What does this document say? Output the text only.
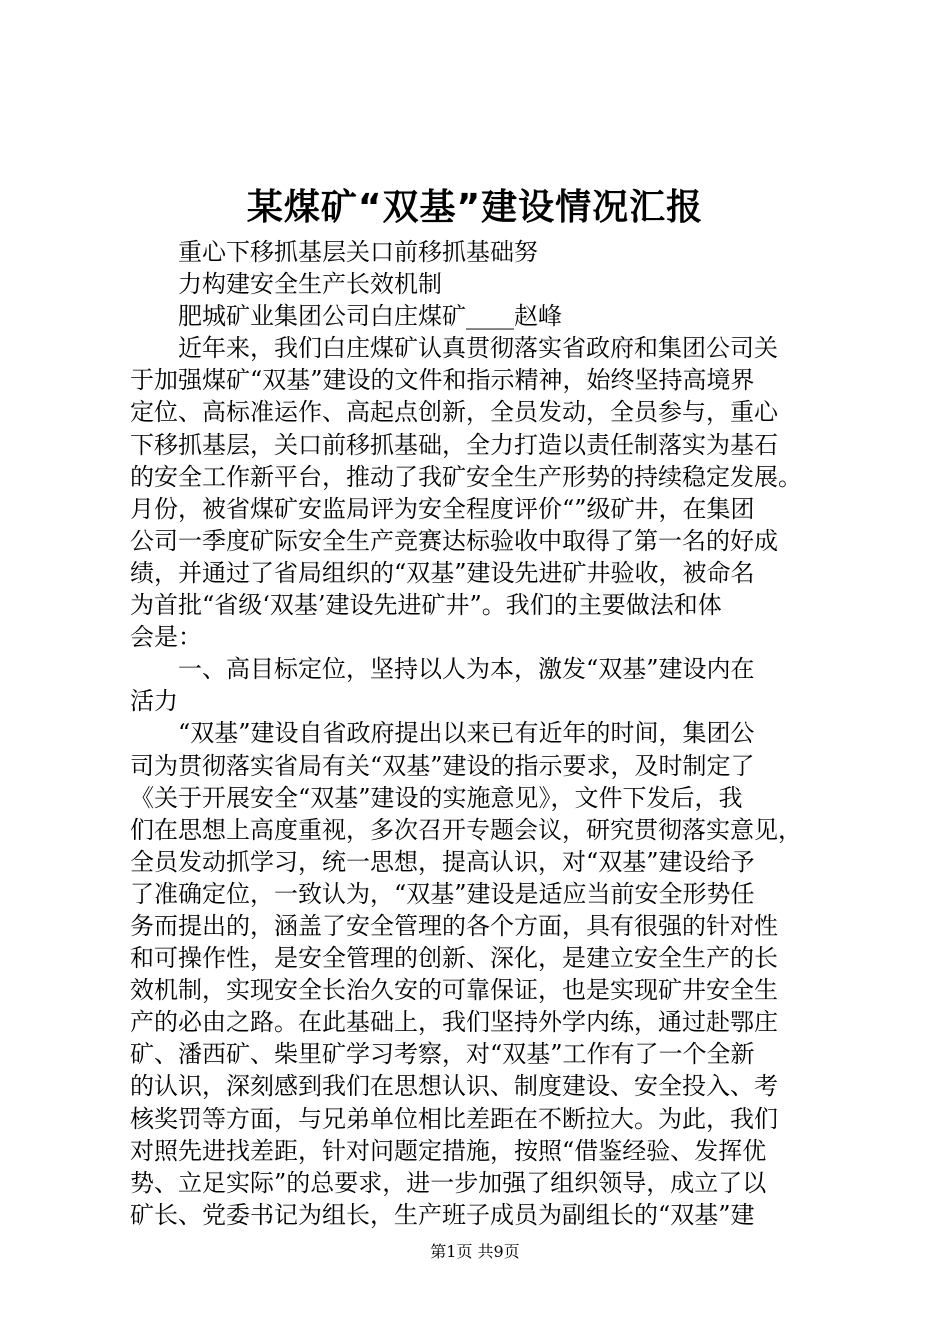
某煤矿“双基”建设情况汇报
　　重心下移抓基层关口前移抓基础努
　　力构建安全生产长效机制
　　肥城矿业集团公司白庄煤矿____赵峰
　　近年来，我们白庄煤矿认真贯彻落实省政府和集团公司关
于加强煤矿“双基”建设的文件和指示精神，始终坚持高境界
定位、高标准运作、高起点创新，全员发动，全员参与，重心
下移抓基层，关口前移抓基础，全力打造以责任制落实为基石
的安全工作新平台，推动了我矿安全生产形势的持续稳定发展。
月份，被省煤矿安监局评为安全程度评价“”级矿井，在集团
公司一季度矿际安全生产竞赛达标验收中取得了第一名的好成
绩，并通过了省局组织的“双基”建设先进矿井验收，被命名
为首批“省级‘双基’建设先进矿井”。我们的主要做法和体
会是：
　　一、高目标定位，坚持以人为本，激发“双基”建设内在
活力
　　“双基”建设自省政府提出以来已有近年的时间，集团公
司为贯彻落实省局有关“双基”建设的指示要求，及时制定了
《关于开展安全“双基”建设的实施意见》，文件下发后，我
们在思想上高度重视，多次召开专题会议，研究贯彻落实意见，
全员发动抓学习，统一思想，提高认识，对“双基”建设给予
了准确定位，一致认为，“双基”建设是适应当前安全形势任
务而提出的，涵盖了安全管理的各个方面，具有很强的针对性
和可操作性，是安全管理的创新、深化，是建立安全生产的长
效机制，实现安全长治久安的可靠保证，也是实现矿井安全生
产的必由之路。在此基础上，我们坚持外学内练，通过赴鄂庄
矿、潘西矿、柴里矿学习考察，对“双基”工作有了一个全新
的认识，深刻感到我们在思想认识、制度建设、安全投入、考
核奖罚等方面，与兄弟单位相比差距在不断拉大。为此，我们
对照先进找差距，针对问题定措施，按照“借鉴经验、发挥优
势、立足实际”的总要求，进一步加强了组织领导，成立了以
矿长、党委书记为组长，生产班子成员为副组长的“双基”建
第1页 共9页
